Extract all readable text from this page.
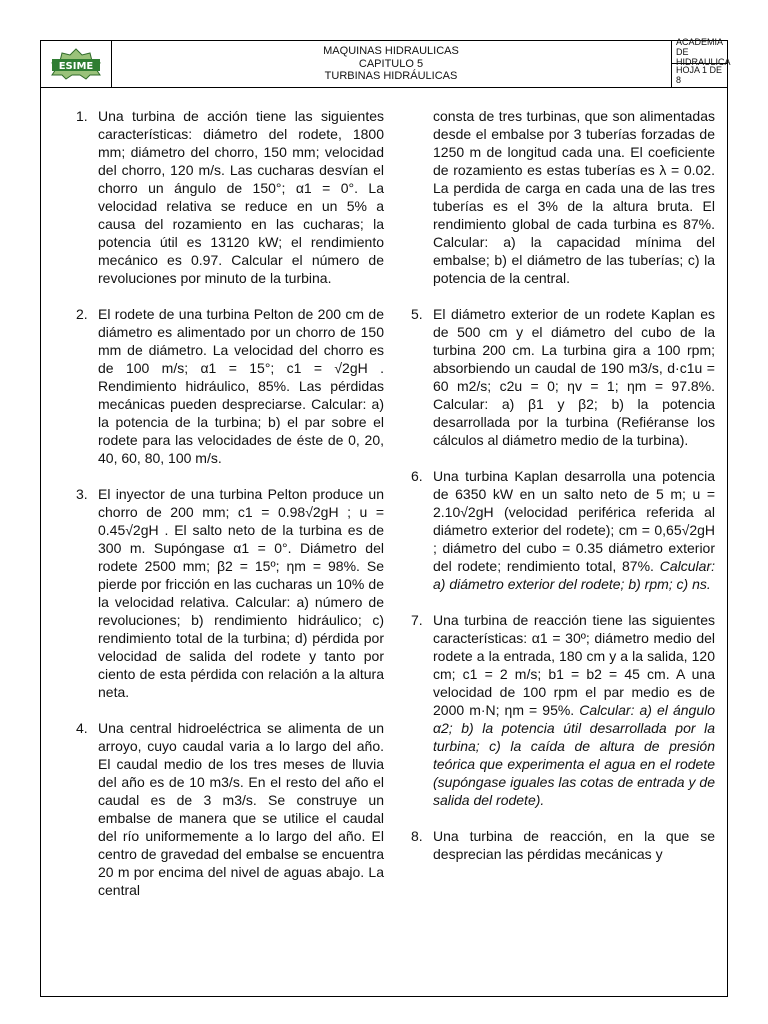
ESIME
MAQUINAS HIDRAULICAS
CAPITULO 5
TURBINAS HIDRÁULICAS
ACADEMIA DE
HIDRAULICA
HOJA 1 DE 8
1. Una turbina de acción tiene las siguientes características: diámetro del rodete, 1800 mm; diámetro del chorro, 150 mm; velocidad del chorro, 120 m/s. Las cucharas desvían el chorro un ángulo de 150°; α1 = 0°. La velocidad relativa se reduce en un 5% a causa del rozamiento en las cucharas; la potencia útil es 13120 kW; el rendimiento mecánico es 0.97. Calcular el número de revoluciones por minuto de la turbina.
2. El rodete de una turbina Pelton de 200 cm de diámetro es alimentado por un chorro de 150 mm de diámetro. La velocidad del chorro es de 100 m/s; α1 = 15°; c1 = √2gH . Rendimiento hidráulico, 85%. Las pérdidas mecánicas pueden despreciarse. Calcular: a) la potencia de la turbina; b) el par sobre el rodete para las velocidades de éste de 0, 20, 40, 60, 80, 100 m/s.
3. El inyector de una turbina Pelton produce un chorro de 200 mm; c1 = 0.98√2gH ; u = 0.45√2gH . El salto neto de la turbina es de 300 m. Supóngase α1 = 0°. Diámetro del rodete 2500 mm; β2 = 15º; ηm = 98%. Se pierde por fricción en las cucharas un 10% de la velocidad relativa. Calcular: a) número de revoluciones; b) rendimiento hidráulico; c) rendimiento total de la turbina; d) pérdida por velocidad de salida del rodete y tanto por ciento de esta pérdida con relación a la altura neta.
4. Una central hidroeléctrica se alimenta de un arroyo, cuyo caudal varia a lo largo del año. El caudal medio de los tres meses de lluvia del año es de 10 m3/s. En el resto del año el caudal es de 3 m3/s. Se construye un embalse de manera que se utilice el caudal del río uniformemente a lo largo del año. El centro de gravedad del embalse se encuentra 20 m por encima del nivel de aguas abajo. La central
consta de tres turbinas, que son alimentadas desde el embalse por 3 tuberías forzadas de 1250 m de longitud cada una. El coeficiente de rozamiento es estas tuberías es λ = 0.02. La perdida de carga en cada una de las tres tuberías es el 3% de la altura bruta. El rendimiento global de cada turbina es 87%. Calcular: a) la capacidad mínima del embalse; b) el diámetro de las tuberías; c) la potencia de la central.
5. El diámetro exterior de un rodete Kaplan es de 500 cm y el diámetro del cubo de la turbina 200 cm. La turbina gira a 100 rpm; absorbiendo un caudal de 190 m3/s, d·c1u = 60 m2/s; c2u = 0; ηv = 1; ηm = 97.8%. Calcular: a) β1 y β2; b) la potencia desarrollada por la turbina (Refiéranse los cálculos al diámetro medio de la turbina).
6. Una turbina Kaplan desarrolla una potencia de 6350 kW en un salto neto de 5 m; u = 2.10√2gH (velocidad periférica referida al diámetro exterior del rodete); cm = 0,65√2gH ; diámetro del cubo = 0.35 diámetro exterior del rodete; rendimiento total, 87%. Calcular: a) diámetro exterior del rodete; b) rpm; c) ns.
7. Una turbina de reacción tiene las siguientes características: α1 = 30º; diámetro medio del rodete a la entrada, 180 cm y a la salida, 120 cm; c1 = 2 m/s; b1 = b2 = 45 cm. A una velocidad de 100 rpm el par medio es de 2000 m·N; ηm = 95%. Calcular: a) el ángulo α2; b) la potencia útil desarrollada por la turbina; c) la caída de altura de presión teórica que experimenta el agua en el rodete (supóngase iguales las cotas de entrada y de salida del rodete).
8. Una turbina de reacción, en la que se desprecian las pérdidas mecánicas y
